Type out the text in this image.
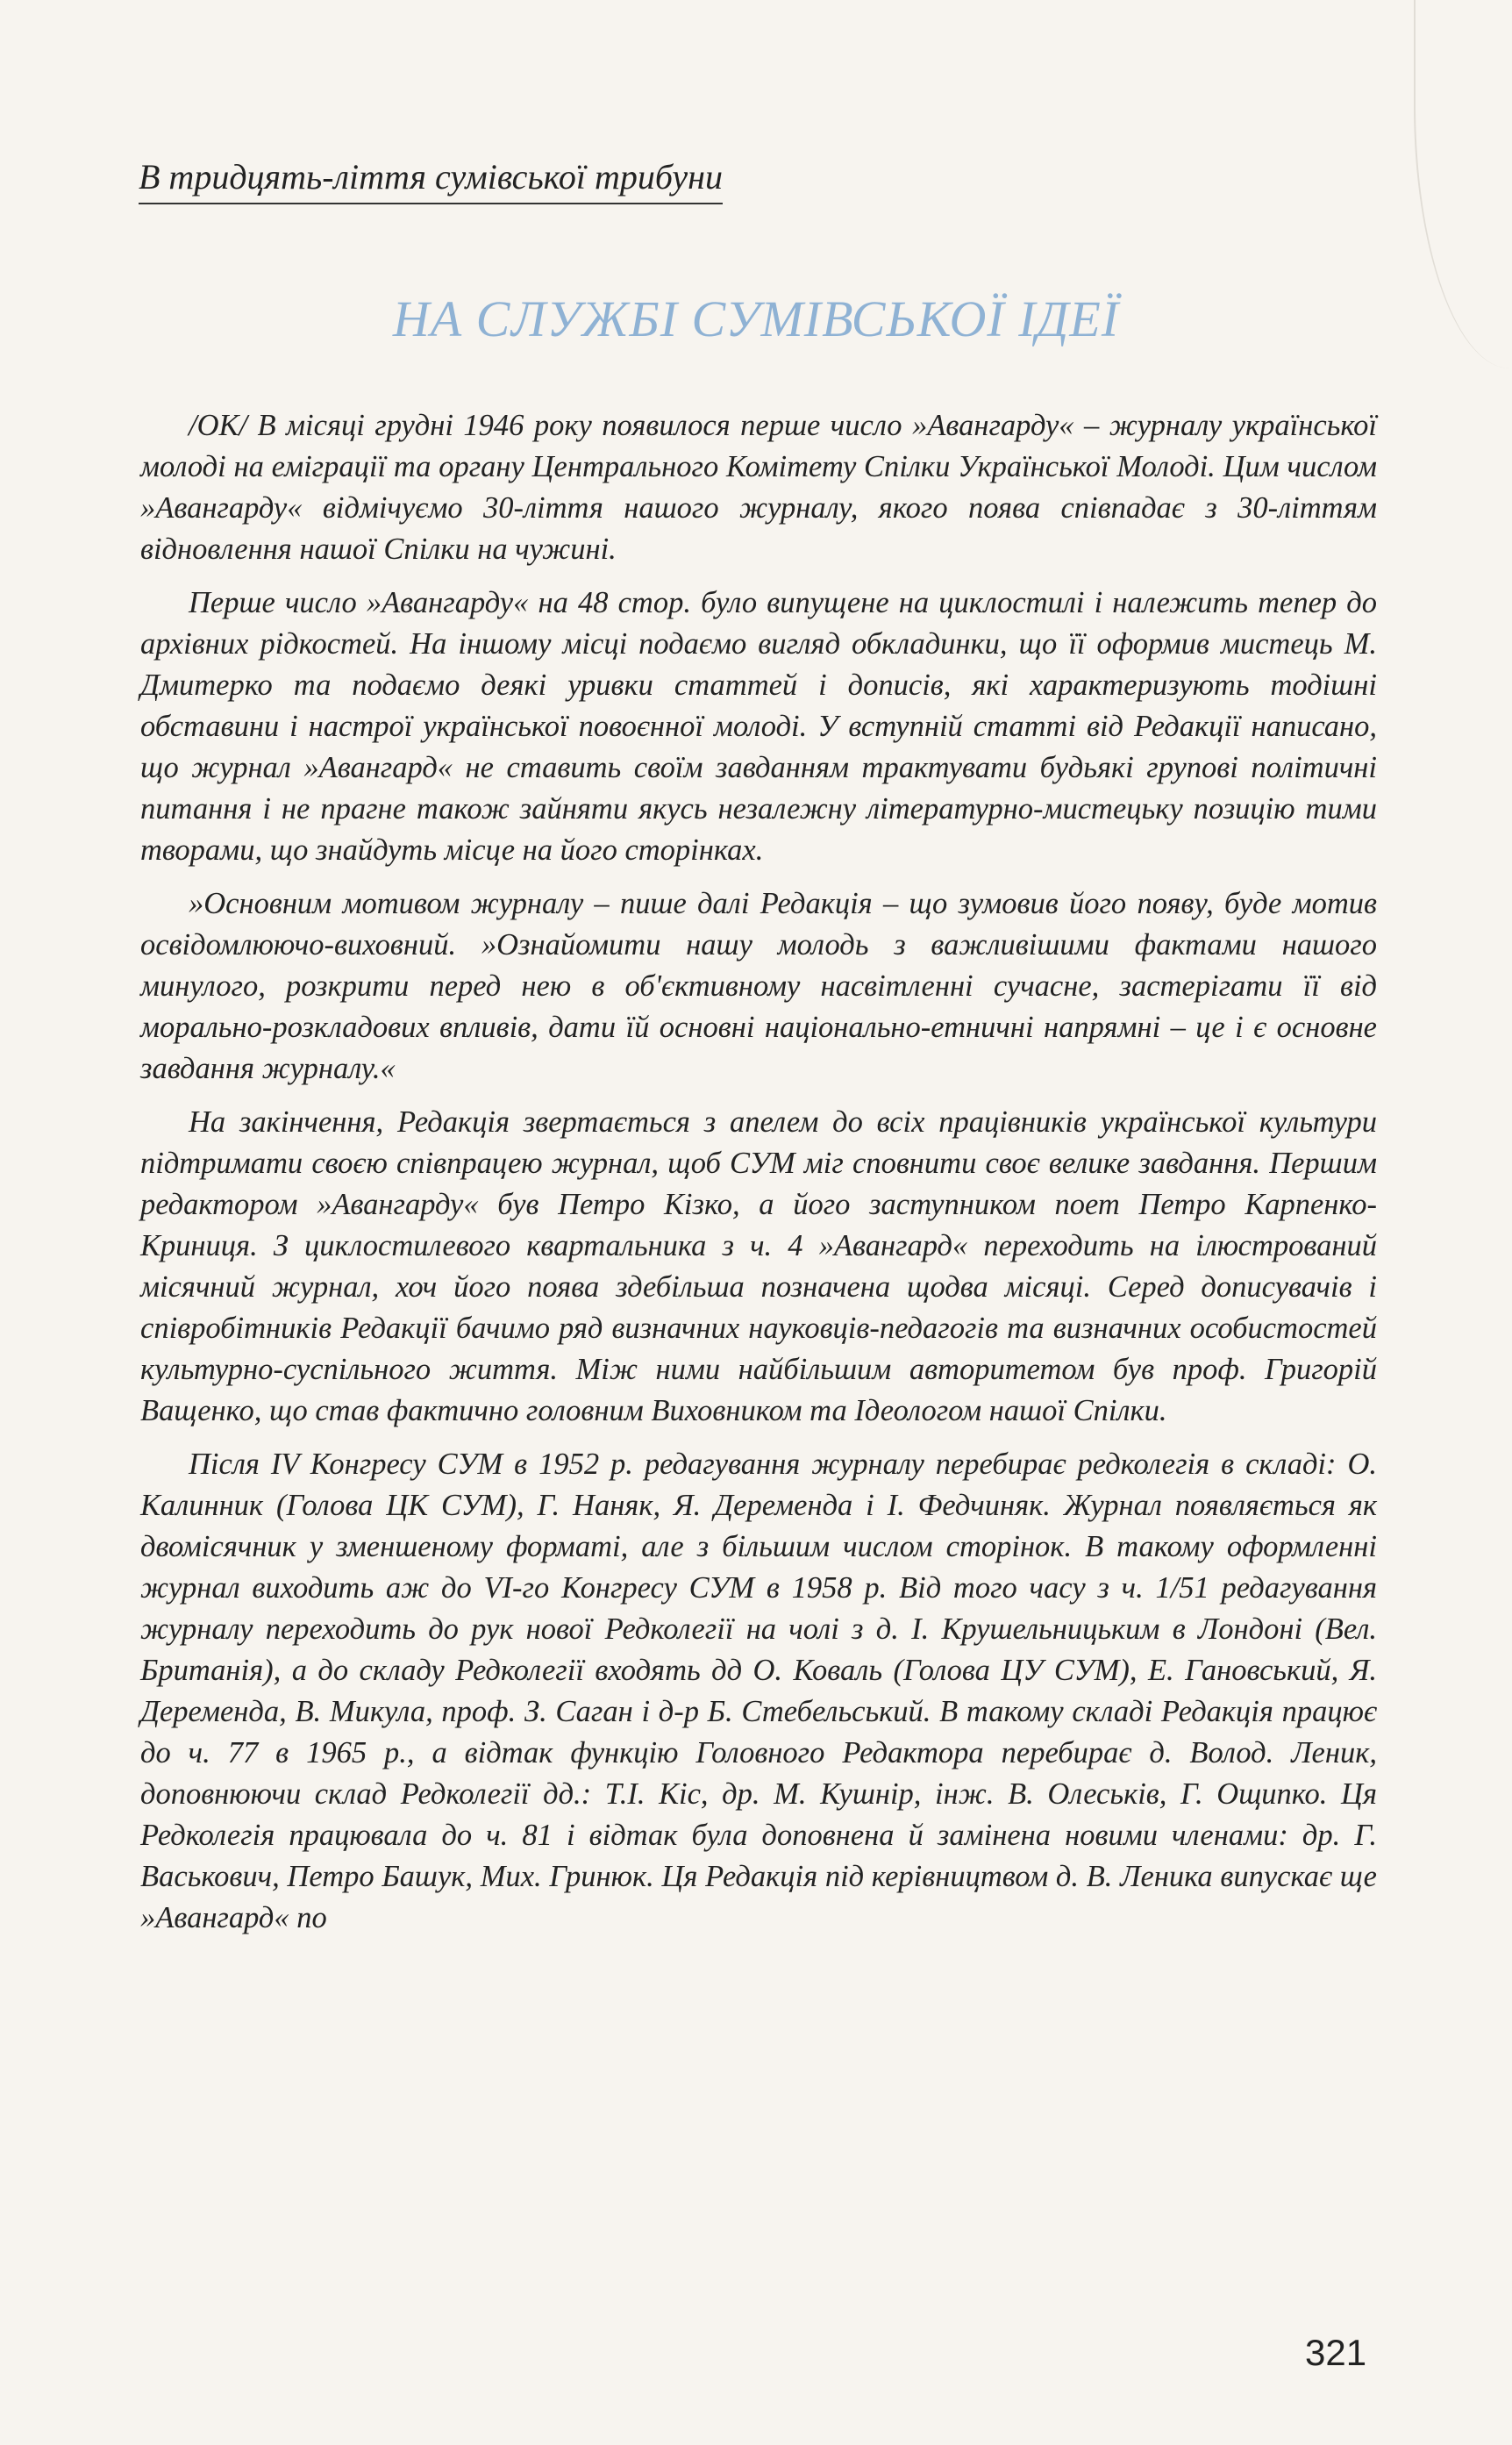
В тридцять-ліття сумівської трибуни
НА СЛУЖБІ СУМІВСЬКОЇ ІДЕЇ

/ОК/ В місяці грудні 1946 року появилося перше число »Авангарду« – журналу української молоді на еміграції та органу Центрального Комітету Спілки Української Молоді. Цим числом »Авангарду« відмічуємо 30-ліття нашого журналу, якого поява співпадає з 30-літтям відновлення нашої Спілки на чужині.

Перше число »Авангарду« на 48 стор. було випущене на циклостилі і належить тепер до архівних рідкостей. На іншому місці подаємо вигляд обкладинки, що її оформив мистець М. Дмитерко та подаємо деякі уривки статтей і дописів, які характеризують тодішні обставини і настрої української повоєнної молоді. У вступній статті від Редакції написано, що журнал »Авангард« не ставить своїм завданням трактувати будьякі групові політичні питання і не прагне також зайняти якусь незалежну літературно-мистецьку позицію тими творами, що знайдуть місце на його сторінках.

»Основним мотивом журналу – пише далі Редакція – що зумовив його появу, буде мотив освідомлюючо-виховний. »Ознайомити нашу молодь з важливішими фактами нашого минулого, розкрити перед нею в об'єктивному насвітленні сучасне, застерігати її від морально-розкладових впливів, дати їй основні національно-етничні напрямні – це і є основне завдання журналу.«

На закінчення, Редакція звертається з апелем до всіх працівників української культури підтримати своєю співпрацею журнал, щоб СУМ міг сповнити своє велике завдання. Першим редактором »Авангарду« був Петро Кізко, а його заступником поет Петро Карпенко-Криниця. З циклостилевого квартальника з ч. 4 »Авангард« переходить на ілюстрований місячний журнал, хоч його поява здебільша позначена щодва місяці. Серед дописувачів і співробітників Редакції бачимо ряд визначних науковців-педагогів та визначних особистостей культурно-суспільного життя. Між ними найбільшим авторитетом був проф. Григорій Ващенко, що став фактично головним Виховником та Ідеологом нашої Спілки.

Після IV Конгресу СУМ в 1952 р. редагування журналу перебирає редколегія в складі: О. Калинник (Голова ЦК СУМ), Г. Наняк, Я. Деременда і І. Федчиняк. Журнал появляється як двомісячник у зменшеному форматі, але з більшим числом сторінок. В такому оформленні журнал виходить аж до VI-го Конгресу СУМ в 1958 р. Від того часу з ч. 1/51 редагування журналу переходить до рук нової Редколегії на чолі з д. І. Крушельницьким в Лондоні (Вел. Британія), а до складу Редколегії входять дд О. Коваль (Голова ЦУ СУМ), Е. Гановський, Я. Деременда, В. Микула, проф. З. Саган і д-р Б. Стебельський. В такому складі Редакція працює до ч. 77 в 1965 р., а відтак функцію Головного Редактора перебирає д. Волод. Леник, доповнюючи склад Редколегії дд.: Т.І. Кіс, др. М. Кушнір, інж. В. Олеськів, Г. Ощипко. Ця Редколегія працювала до ч. 81 і відтак була доповнена й замінена новими членами: др. Г. Васькович, Петро Башук, Мих. Гринюк. Ця Редакція під керівництвом д. В. Леника випускає ще »Авангард« по

321
